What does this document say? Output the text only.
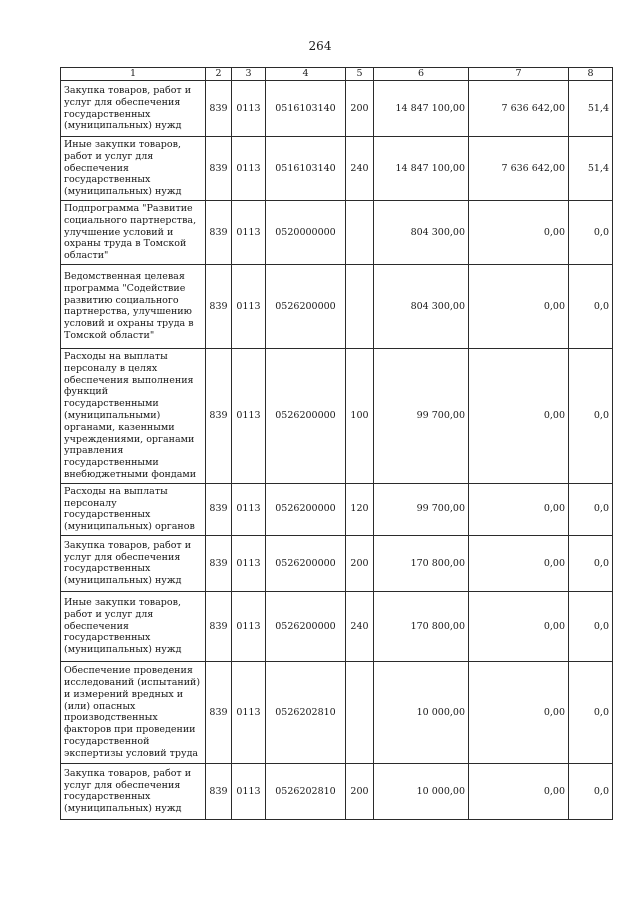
264
1	2	3	4	5	6	7	8
Закупка товаров, работ и услуг для обеспечения государственных (муниципальных) нужд	839	0113	0516103140	200	14 847 100,00	7 636 642,00	51,4
Иные закупки товаров, работ и услуг для обеспечения государственных (муниципальных) нужд	839	0113	0516103140	240	14 847 100,00	7 636 642,00	51,4
Подпрограмма "Развитие социального партнерства, улучшение условий и охраны труда в Томской области"	839	0113	0520000000		804 300,00	0,00	0,0
Ведомственная целевая программа "Содействие развитию социального партнерства, улучшению условий и охраны труда в Томской области"	839	0113	0526200000		804 300,00	0,00	0,0
Расходы на выплаты персоналу в целях обеспечения выполнения функций государственными (муниципальными) органами, казенными учреждениями, органами управления государственными внебюджетными фондами	839	0113	0526200000	100	99 700,00	0,00	0,0
Расходы на выплаты персоналу государственных (муниципальных) органов	839	0113	0526200000	120	99 700,00	0,00	0,0
Закупка товаров, работ и услуг для обеспечения государственных (муниципальных) нужд	839	0113	0526200000	200	170 800,00	0,00	0,0
Иные закупки товаров, работ и услуг для обеспечения государственных (муниципальных) нужд	839	0113	0526200000	240	170 800,00	0,00	0,0
Обеспечение проведения исследований (испытаний) и измерений вредных и (или) опасных производственных факторов при проведении государственной экспертизы условий труда	839	0113	0526202810		10 000,00	0,00	0,0
Закупка товаров, работ и услуг для обеспечения государственных (муниципальных) нужд	839	0113	0526202810	200	10 000,00	0,00	0,0
